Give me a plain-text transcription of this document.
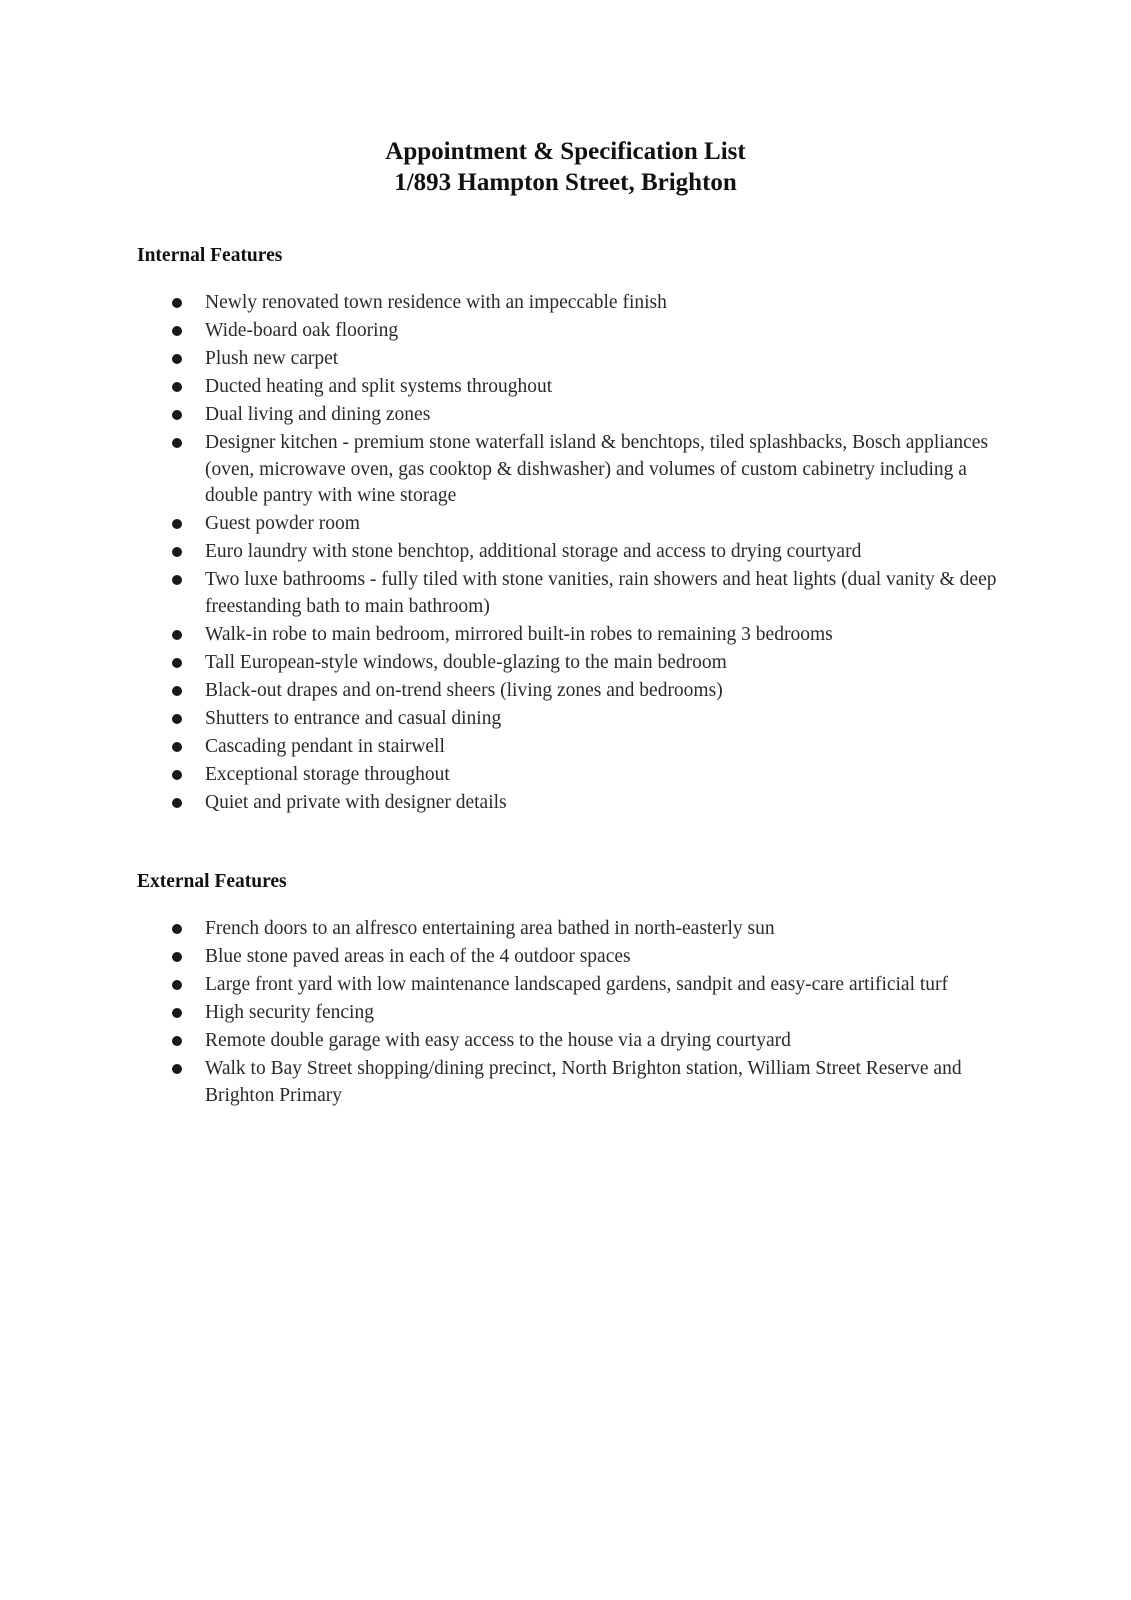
Appointment & Specification List
1/893 Hampton Street, Brighton
Internal Features
Newly renovated town residence with an impeccable finish
Wide-board oak flooring
Plush new carpet
Ducted heating and split systems throughout
Dual living and dining zones
Designer kitchen - premium stone waterfall island & benchtops, tiled splashbacks, Bosch appliances (oven, microwave oven, gas cooktop & dishwasher) and volumes of custom cabinetry including a double pantry with wine storage
Guest powder room
Euro laundry with stone benchtop, additional storage and access to drying courtyard
Two luxe bathrooms - fully tiled with stone vanities, rain showers and heat lights (dual vanity & deep freestanding bath to main bathroom)
Walk-in robe to main bedroom, mirrored built-in robes to remaining 3 bedrooms
Tall European-style windows, double-glazing to the main bedroom
Black-out drapes and on-trend sheers (living zones and bedrooms)
Shutters to entrance and casual dining
Cascading pendant in stairwell
Exceptional storage throughout
Quiet and private with designer details
External Features
French doors to an alfresco entertaining area bathed in north-easterly sun
Blue stone paved areas in each of the 4 outdoor spaces
Large front yard with low maintenance landscaped gardens, sandpit and easy-care artificial turf
High security fencing
Remote double garage with easy access to the house via a drying courtyard
Walk to Bay Street shopping/dining precinct, North Brighton station, William Street Reserve and Brighton Primary
